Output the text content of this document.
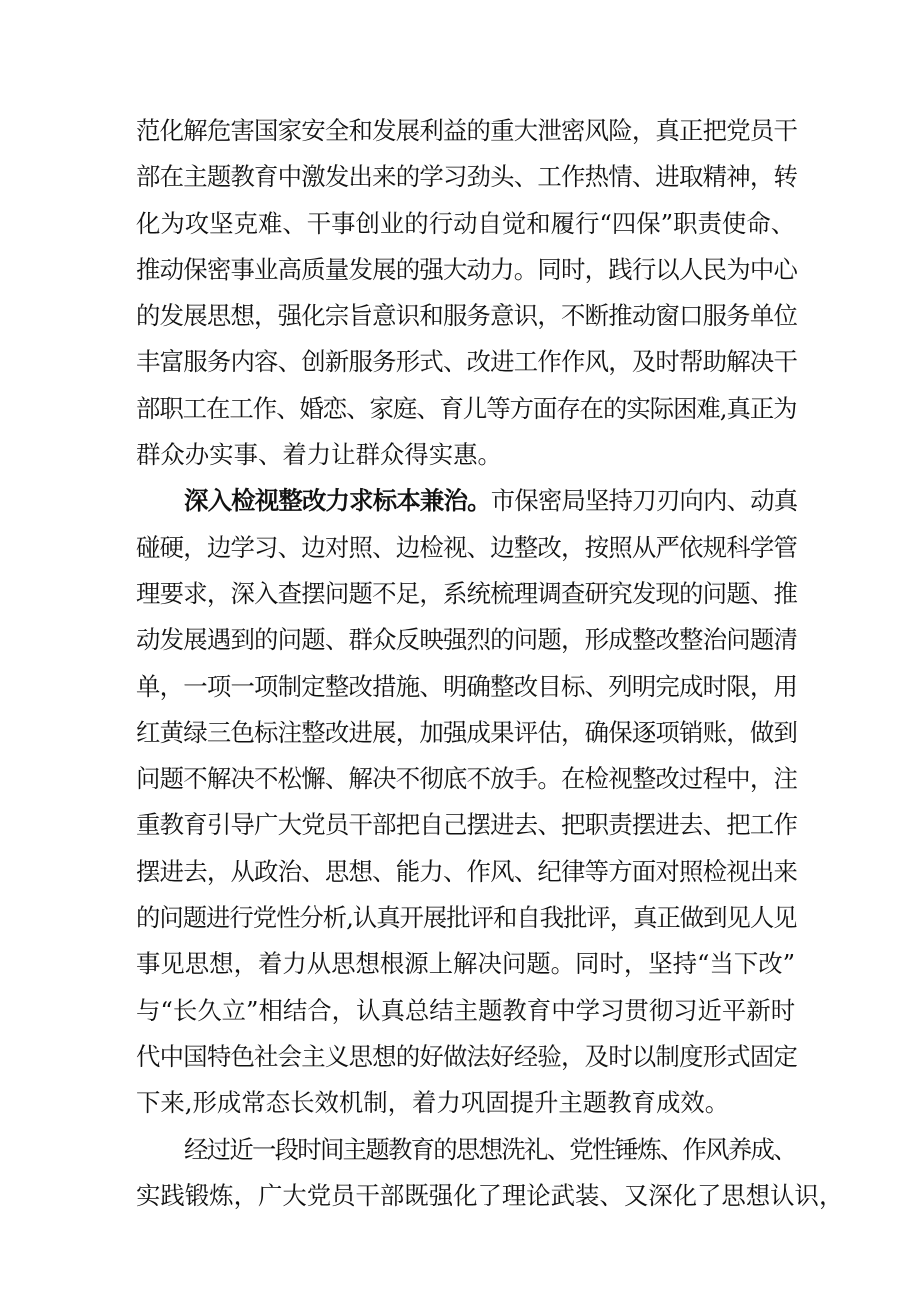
范化解危害国家安全和发展利益的重大泄密风险，真正把党员干
部在主题教育中激发出来的学习劲头、工作热情、进取精神，转
化为攻坚克难、干事创业的行动自觉和履行“四保”职责使命、
推动保密事业高质量发展的强大动力。同时，践行以人民为中心
的发展思想，强化宗旨意识和服务意识，不断推动窗口服务单位
丰富服务内容、创新服务形式、改进工作作风，及时帮助解决干
部职工在工作、婚恋、家庭、育儿等方面存在的实际困难,真正为
群众办实事、着力让群众得实惠。
深入检视整改力求标本兼治。市保密局坚持刀刃向内、动真
碰硬，边学习、边对照、边检视、边整改，按照从严依规科学管
理要求，深入查摆问题不足，系统梳理调查研究发现的问题、推
动发展遇到的问题、群众反映强烈的问题，形成整改整治问题清
单，一项一项制定整改措施、明确整改目标、列明完成时限，用
红黄绿三色标注整改进展，加强成果评估，确保逐项销账，做到
问题不解决不松懈、解决不彻底不放手。在检视整改过程中，注
重教育引导广大党员干部把自己摆进去、把职责摆进去、把工作
摆进去，从政治、思想、能力、作风、纪律等方面对照检视出来
的问题进行党性分析,认真开展批评和自我批评，真正做到见人见
事见思想，着力从思想根源上解决问题。同时，坚持“当下改”
与“长久立”相结合，认真总结主题教育中学习贯彻习近平新时
代中国特色社会主义思想的好做法好经验，及时以制度形式固定
下来,形成常态长效机制，着力巩固提升主题教育成效。
经过近一段时间主题教育的思想洗礼、党性锤炼、作风养成、
实践锻炼，广大党员干部既强化了理论武装、又深化了思想认识，
